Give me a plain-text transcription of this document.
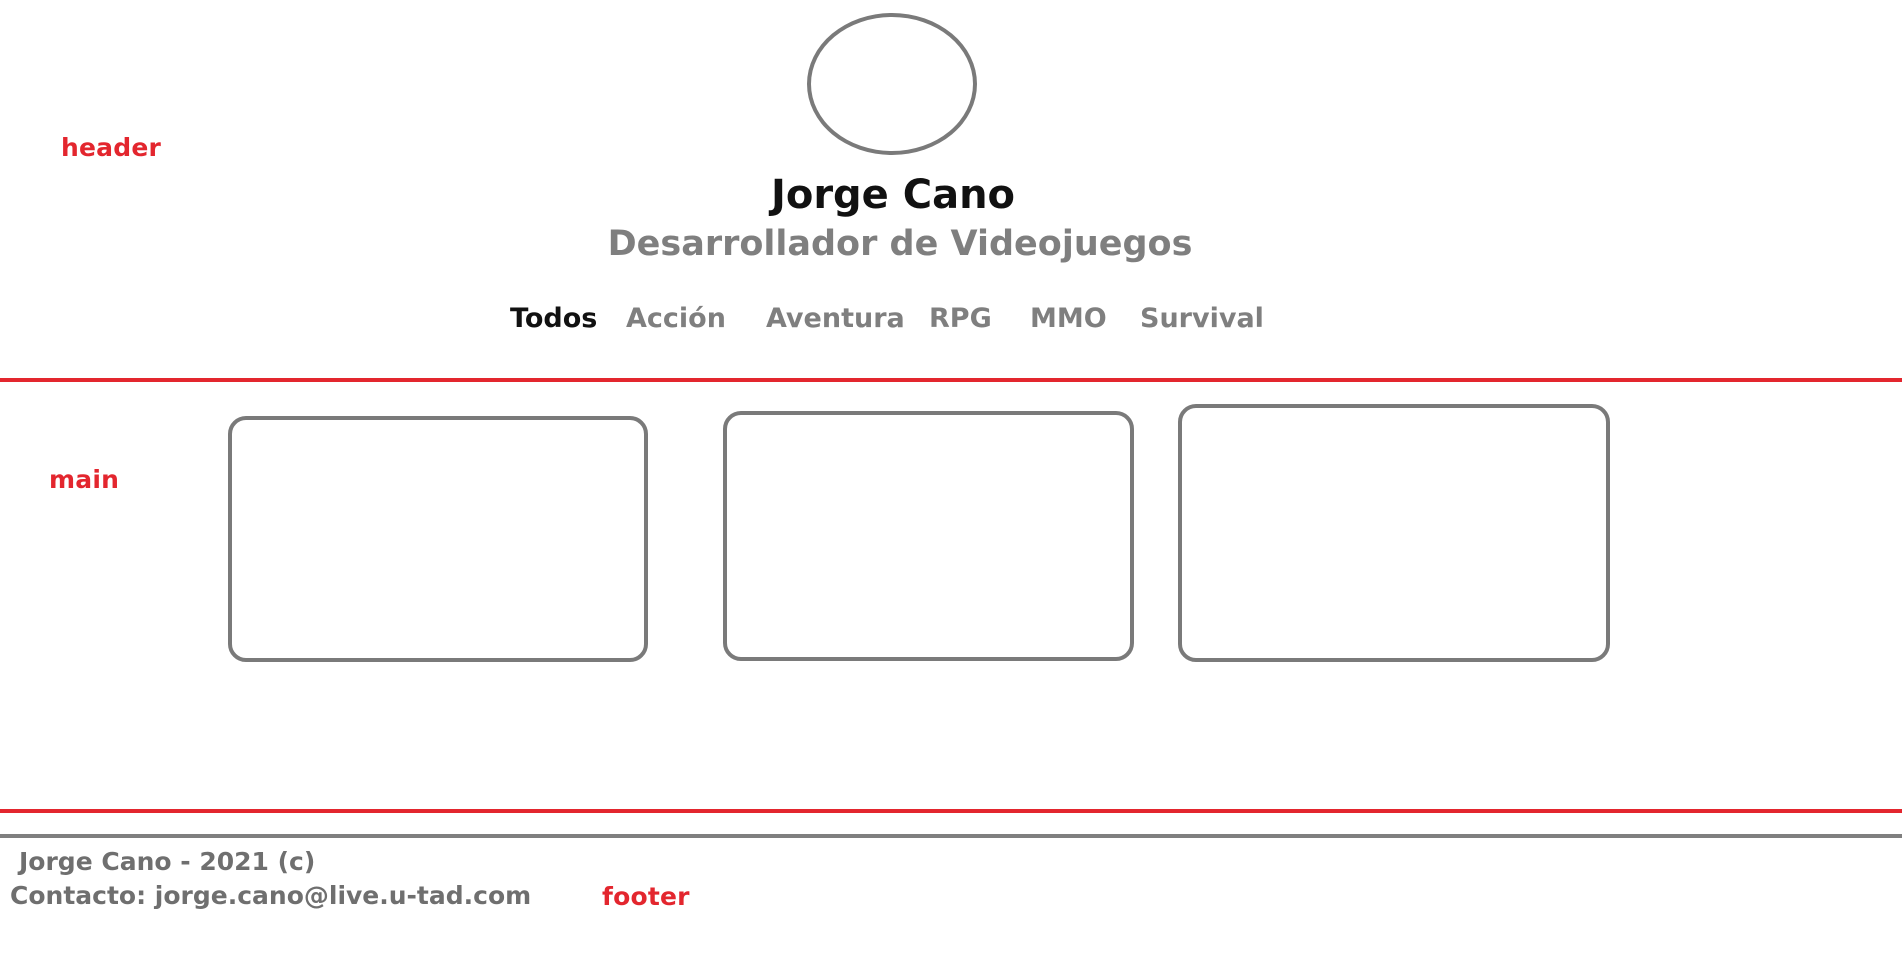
header
main
footer
Jorge Cano
Desarrollador de Videojuegos
Todos Acción Aventura RPG MMO Survival
Jorge Cano - 2021 (c)
Contacto: jorge.cano@live.u-tad.com
